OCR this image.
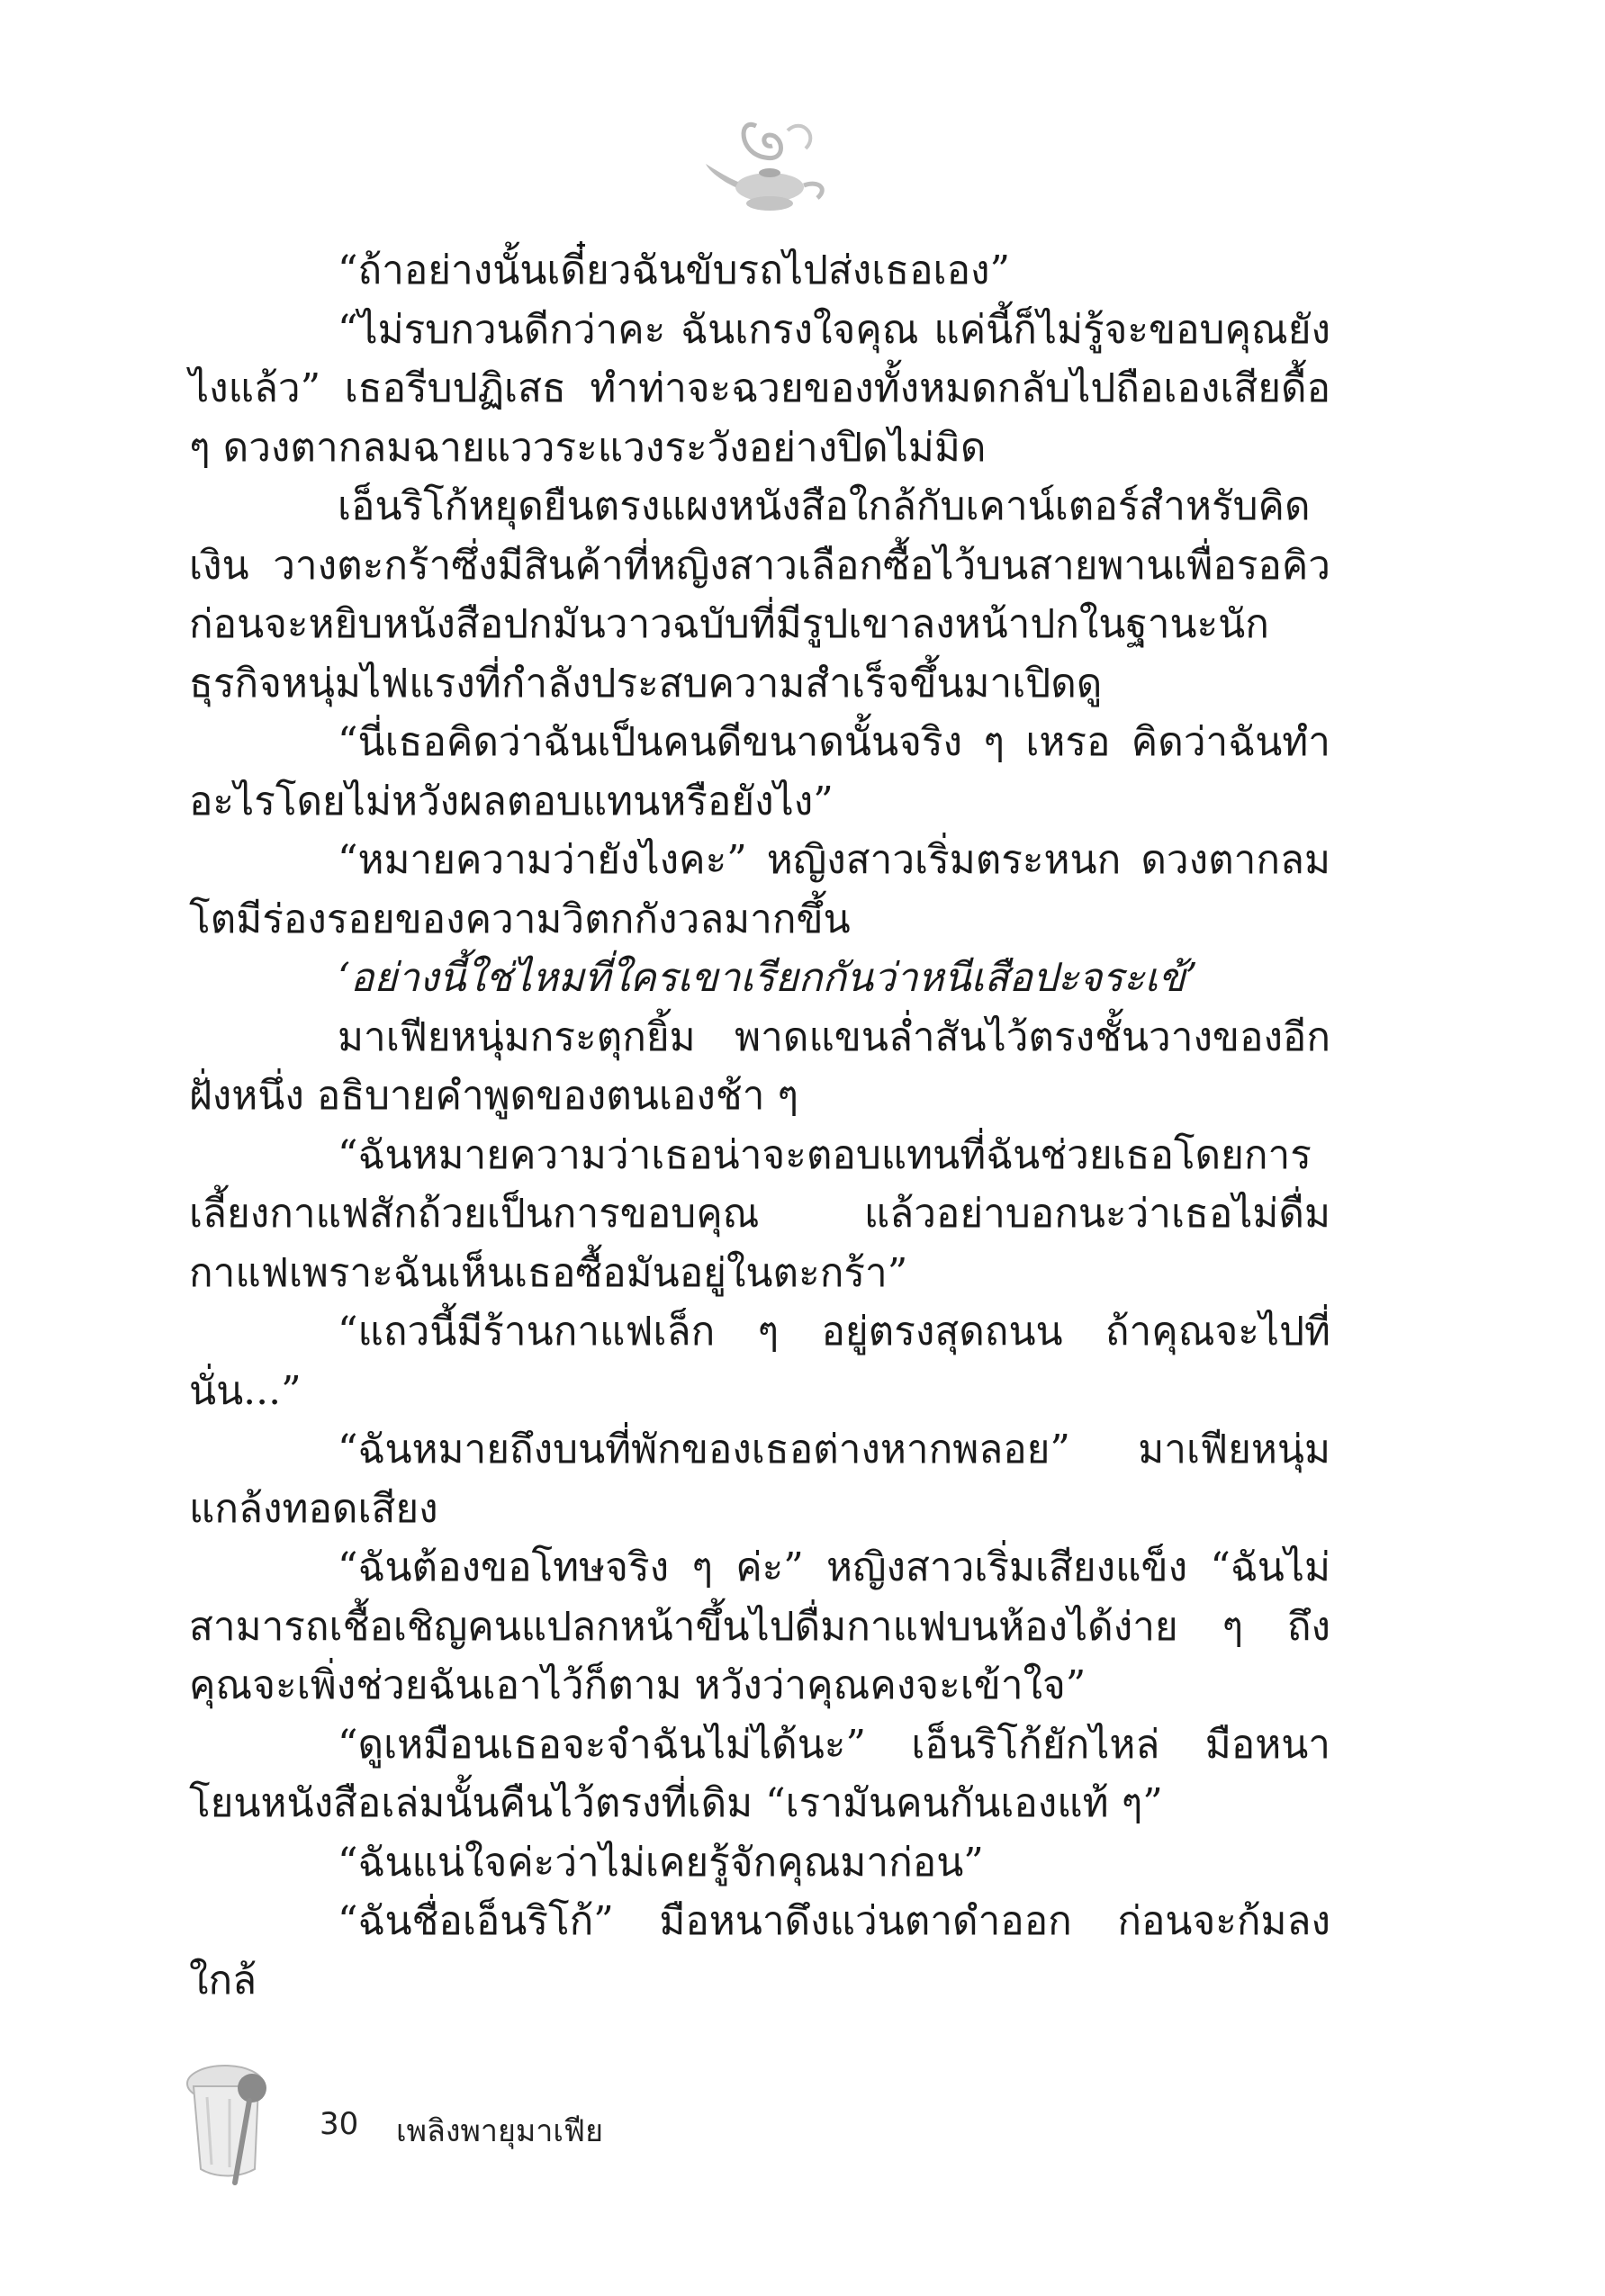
“ถ้าอย่างนั้นเดี๋ยวฉันขับรถไปส่งเธอเอง”

“ไม่รบกวนดีกว่าคะ ฉันเกรงใจคุณ แค่นี้ก็ไม่รู้จะขอบคุณยังไงแล้ว” เธอรีบปฏิเสธ ทำท่าจะฉวยของทั้งหมดกลับไปถือเองเสียดื้อ ๆ ดวงตากลมฉายแววระแวงระวังอย่างปิดไม่มิด

เอ็นริโก้หยุดยืนตรงแผงหนังสือใกล้กับเคาน์เตอร์สำหรับคิดเงิน วางตะกร้าซึ่งมีสินค้าที่หญิงสาวเลือกซื้อไว้บนสายพานเพื่อรอคิว ก่อนจะหยิบหนังสือปกมันวาวฉบับที่มีรูปเขาลงหน้าปกในฐานะนักธุรกิจหนุ่มไฟแรงที่กำลังประสบความสำเร็จขึ้นมาเปิดดู

“นี่เธอคิดว่าฉันเป็นคนดีขนาดนั้นจริง ๆ เหรอ คิดว่าฉันทำอะไรโดยไม่หวังผลตอบแทนหรือยังไง”

“หมายความว่ายังไงคะ” หญิงสาวเริ่มตระหนก ดวงตากลมโตมีร่องรอยของความวิตกกังวลมากขึ้น

‘อย่างนี้ใช่ไหมที่ใครเขาเรียกกันว่าหนีเสือปะจระเข้’

มาเฟียหนุ่มกระตุกยิ้ม พาดแขนล่ำสันไว้ตรงชั้นวางของอีกฝั่งหนึ่ง อธิบายคำพูดของตนเองช้า ๆ

“ฉันหมายความว่าเธอน่าจะตอบแทนที่ฉันช่วยเธอโดยการเลี้ยงกาแฟสักถ้วยเป็นการขอบคุณ แล้วอย่าบอกนะว่าเธอไม่ดื่มกาแฟเพราะฉันเห็นเธอซื้อมันอยู่ในตะกร้า”

“แถวนี้มีร้านกาแฟเล็ก ๆ อยู่ตรงสุดถนน ถ้าคุณจะไปที่นั่น...”

“ฉันหมายถึงบนที่พักของเธอต่างหากพลอย” มาเฟียหนุ่มแกล้งทอดเสียง

“ฉันต้องขอโทษจริง ๆ ค่ะ” หญิงสาวเริ่มเสียงแข็ง “ฉันไม่สามารถเชื้อเชิญคนแปลกหน้าขึ้นไปดื่มกาแฟบนห้องได้ง่าย ๆ ถึงคุณจะเพิ่งช่วยฉันเอาไว้ก็ตาม หวังว่าคุณคงจะเข้าใจ”

“ดูเหมือนเธอจะจำฉันไม่ได้นะ” เอ็นริโก้ยักไหล่ มือหนาโยนหนังสือเล่มนั้นคืนไว้ตรงที่เดิม “เรามันคนกันเองแท้ ๆ”

“ฉันแน่ใจค่ะว่าไม่เคยรู้จักคุณมาก่อน”

“ฉันชื่อเอ็นริโก้” มือหนาดึงแว่นตาดำออก ก่อนจะก้มลงใกล้

30 เพลิงพายุมาเฟีย
